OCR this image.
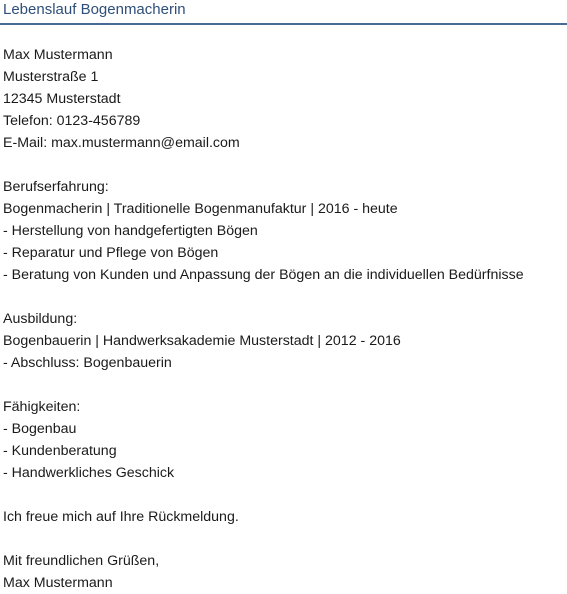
Lebenslauf Bogenmacherin
Max Mustermann
Musterstraße 1
12345 Musterstadt
Telefon: 0123-456789
E-Mail: max.mustermann@email.com
Berufserfahrung:
Bogenmacherin | Traditionelle Bogenmanufaktur | 2016 - heute
- Herstellung von handgefertigten Bögen
- Reparatur und Pflege von Bögen
- Beratung von Kunden und Anpassung der Bögen an die individuellen Bedürfnisse
Ausbildung:
Bogenbauerin | Handwerksakademie Musterstadt | 2012 - 2016
- Abschluss: Bogenbauerin
Fähigkeiten:
- Bogenbau
- Kundenberatung
- Handwerkliches Geschick
Ich freue mich auf Ihre Rückmeldung.
Mit freundlichen Grüßen,
Max Mustermann
